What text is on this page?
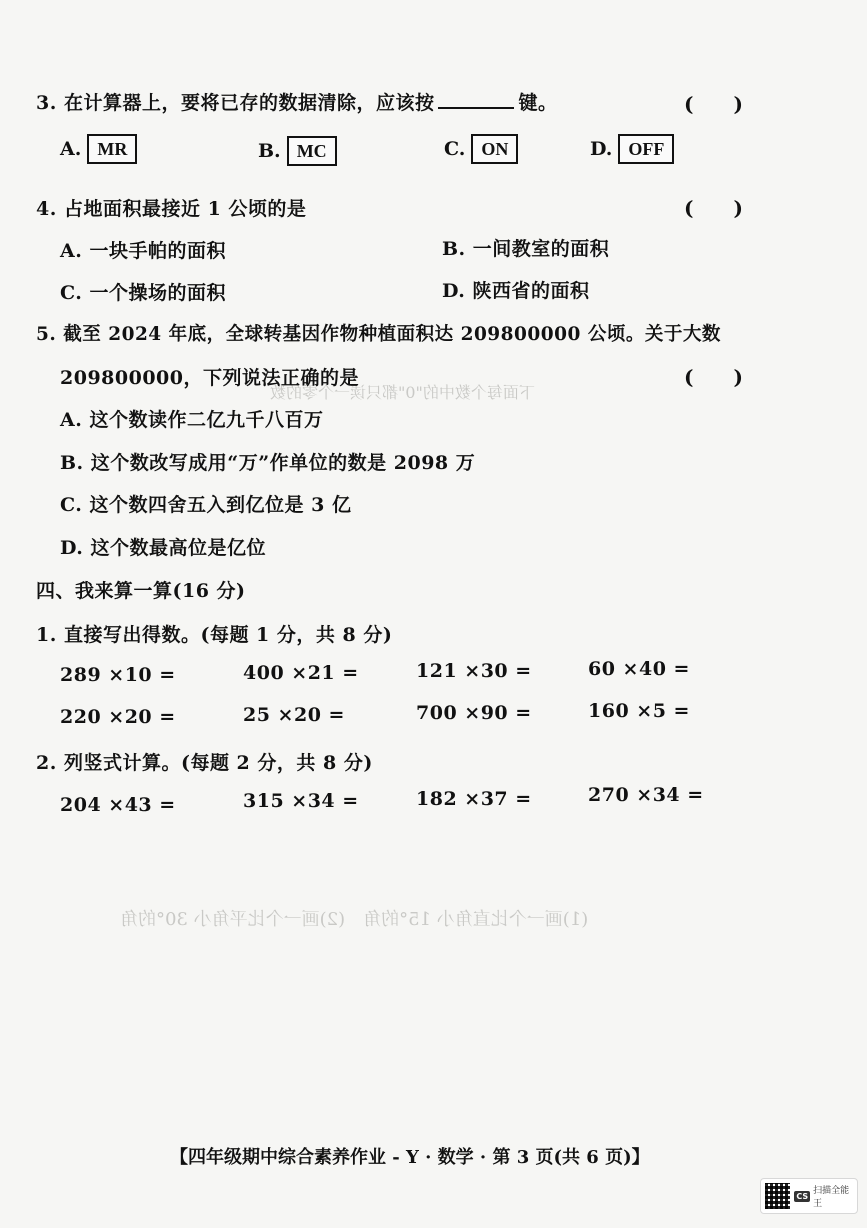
下面每个数中的"0"都只读一个零的数
(1)画一个比直角小 15°的角　(2)画一个比平角小 30°的角
3. 在计算器上，要将已存的数据清除，应该按	键。	(　　)
A. MR	B. MC	C. ON	D. OFF
4. 占地面积最接近 1 公顷的是	(　　)
A. 一块手帕的面积	B. 一间教室的面积
C. 一个操场的面积	D. 陕西省的面积
5. 截至 2024 年底，全球转基因作物种植面积达 209800000 公顷。关于大数
209800000，下列说法正确的是	(　　)
A. 这个数读作二亿九千八百万
B. 这个数改写成用“万”作单位的数是 2098 万
C. 这个数四舍五入到亿位是 3 亿
D. 这个数最高位是亿位
四、我来算一算(16 分)
1. 直接写出得数。(每题 1 分，共 8 分)
289 ×10 =	400 ×21 =	121 ×30 =	60 ×40 =
220 ×20 =	25 ×20 =	700 ×90 =	160 ×5 =
2. 列竖式计算。(每题 2 分，共 8 分)
204 ×43 =	315 ×34 =	182 ×37 =	270 ×34 =
【四年级期中综合素养作业 - Y · 数学 · 第 3 页(共 6 页)】
CS 扫描全能王
